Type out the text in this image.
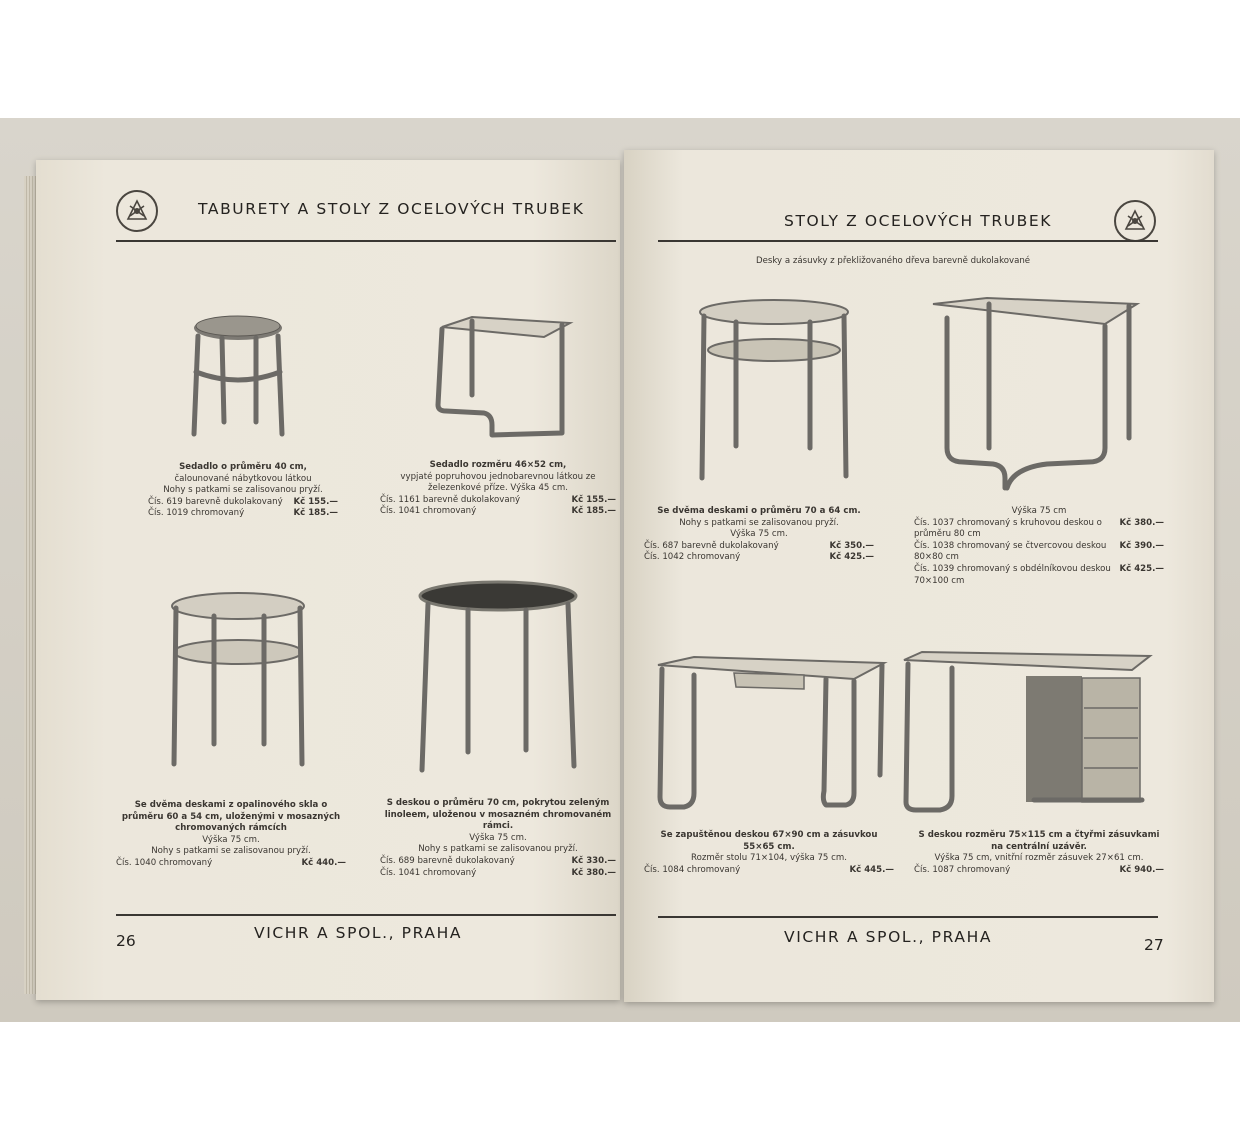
TABURETY A STOLY Z OCELOVÝCH TRUBEK
Sedadlo o průměru 40 cm,
čalounované nábytkovou látkou
Nohy s patkami se zalisovanou pryží.
Čís. 619 barevně dukolakovaný Kč 155.—
Čís. 1019 chromovaný	Kč 185.—
Sedadlo rozměru 46×52 cm,
vypjaté popruhovou jednobarevnou látkou ze
železenkové příze. Výška 45 cm.
Čís. 1161 barevně dukolakovaný	Kč 155.—
Čís. 1041 chromovaný	Kč 185.—
Se dvěma deskami z opalinového skla o průměru 60 a 54 cm, uloženými v mosazných chromovaných rámcích
Výška 75 cm.
Nohy s patkami se zalisovanou pryží.
Čís. 1040 chromovaný	Kč 440.—
S deskou o průměru 70 cm, pokrytou zeleným linoleem, uloženou v mosazném chromovaném rámci.
Výška 75 cm.
Nohy s patkami se zalisovanou pryží.
Čís. 689 barevně dukolakovaný	Kč 330.—
Čís. 1041 chromovaný	Kč 380.—
26	VICHR A SPOL., PRAHA
STOLY Z OCELOVÝCH TRUBEK
Desky a zásuvky z překližovaného dřeva barevně dukolakované
Se dvěma deskami o průměru 70 a 64 cm.
Nohy s patkami se zalisovanou pryží.
Výška 75 cm.
Čís. 687 barevně dukolakovaný	Kč 350.—
Čís. 1042 chromovaný	Kč 425.—
Výška 75 cm
Čís. 1037 chromovaný s kruhovou deskou o průměru 80 cm
Kč 380.—
Čís. 1038 chromovaný se čtvercovou deskou 80×80 cm
Kč 390.—
Čís. 1039 chromovaný s obdélníkovou deskou 70×100 cm
Kč 425.—
Se zapuštěnou deskou 67×90 cm a zásuvkou 55×65 cm.
Rozměr stolu 71×104, výška 75 cm.
Čís. 1084 chromovaný	Kč 445.—
S deskou rozměru 75×115 cm a čtyřmi zásuvkami na centrální uzávěr.
Výška 75 cm, vnitřní rozměr zásuvek 27×61 cm.
Čís. 1087 chromovaný	Kč 940.—
VICHR A SPOL., PRAHA	27
